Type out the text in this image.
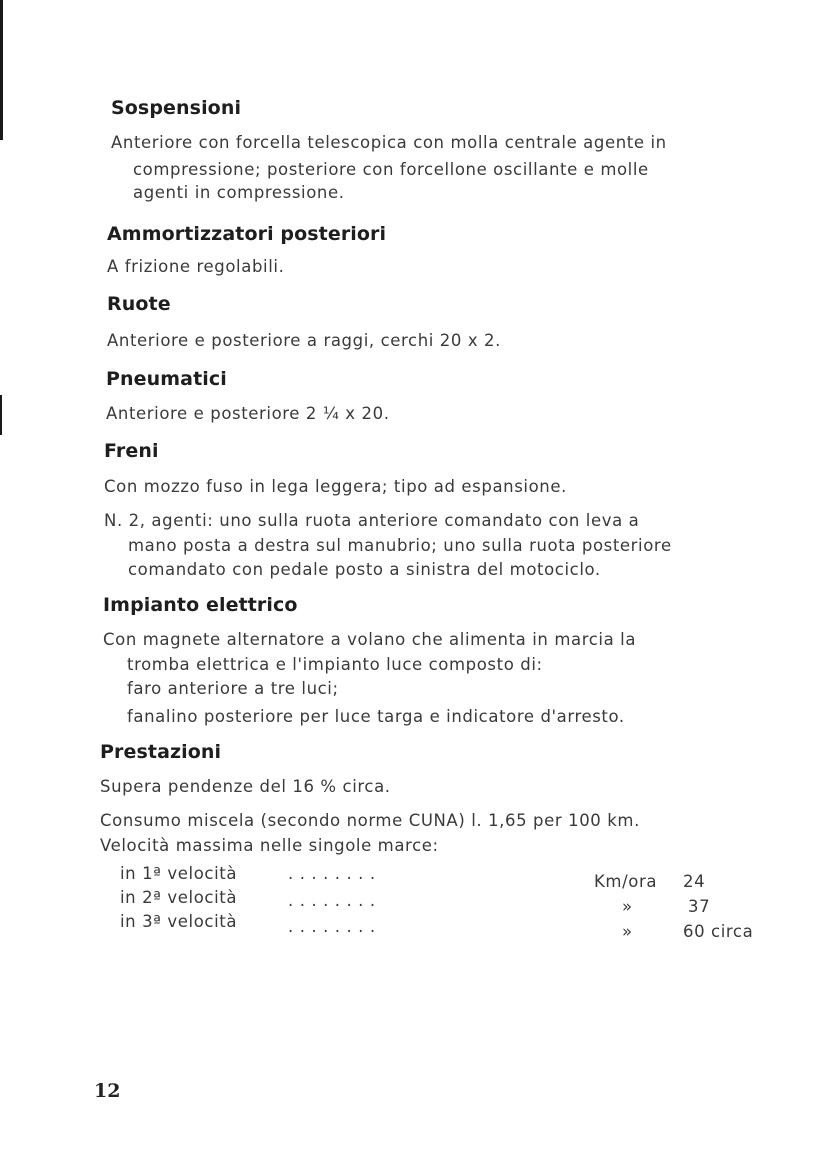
Sospensioni
Anteriore con forcella telescopica con molla centrale agente in
compressione; posteriore con forcellone oscillante e molle
agenti in compressione.
Ammortizzatori posteriori
A frizione regolabili.
Ruote
Anteriore e posteriore a raggi, cerchi 20 x 2.
Pneumatici
Anteriore e posteriore 2 ¼ x 20.
Freni
Con mozzo fuso in lega leggera; tipo ad espansione.
N. 2, agenti: uno sulla ruota anteriore comandato con leva a
mano posta a destra sul manubrio; uno sulla ruota posteriore
comandato con pedale posto a sinistra del motociclo.
Impianto elettrico
Con magnete alternatore a volano che alimenta in marcia la
tromba elettrica e l'impianto luce composto di:
faro anteriore a tre luci;
fanalino posteriore per luce targa e indicatore d'arresto.
Prestazioni
Supera pendenze del 16 % circa.
Consumo miscela (secondo norme CUNA) l. 1,65 per 100 km.
Velocità massima nelle singole marce:
in 1ª velocità	. . . . . . . .	Km/ora 24
in 2ª velocità	. . . . . . . .	»	37
in 3ª velocità	. . . . . . . .	»	60 circa
12
